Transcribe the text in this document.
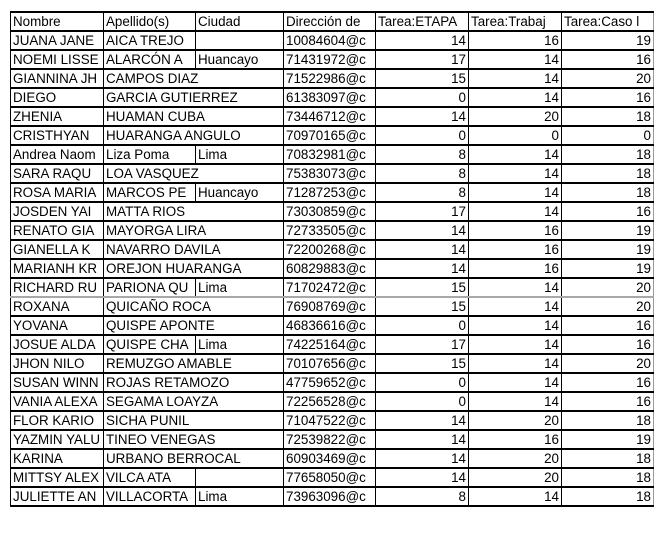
Nombre	Apellido(s)	Ciudad	Dirección de	Tarea:ETAPA	Tarea:Trabaj	Tarea:Caso l
JUANA JANE	AICA TREJO		10084604@c	14	16	19
NOEMI LISSE	ALARCÓN A	Huancayo	71431972@c	17	14	16
GIANNINA JH	CAMPOS DIAZ		71522986@c	15	14	20
DIEGO	GARCIA GUTIERREZ		61383097@c	0	14	16
ZHENIA	HUAMAN CUBA		73446712@c	14	20	18
CRISTHYAN	HUARANGA ANGULO		70970165@c	0	0	0
Andrea Naom	Liza Poma	Lima	70832981@c	8	14	18
SARA RAQU	LOA VASQUEZ		75383073@c	8	14	18
ROSA MARIA	MARCOS PE	Huancayo	71287253@c	8	14	18
JOSDEN YAI	MATTA RIOS		73030859@c	17	14	16
RENATO GIA	MAYORGA LIRA		72733505@c	14	16	19
GIANELLA K	NAVARRO DAVILA		72200268@c	14	16	19
MARIANH KR	OREJON HUARANGA		60829883@c	14	16	19
RICHARD RU	PARIONA QU	Lima	71702472@c	15	14	20
ROXANA	QUICAÑO ROCA		76908769@c	15	14	20
YOVANA	QUISPE APONTE		46836616@c	0	14	16
JOSUE ALDA	QUISPE CHA	Lima	74225164@c	17	14	16
JHON NILO	REMUZGO AMABLE		70107656@c	15	14	20
SUSAN WINN	ROJAS RETAMOZO		47759652@c	0	14	16
VANIA ALEXA	SEGAMA LOAYZA		72256528@c	0	14	16
FLOR KARIO	SICHA PUNIL		71047522@c	14	20	18
YAZMIN YALU	TINEO VENEGAS		72539822@c	14	16	19
KARINA	URBANO BERROCAL		60903469@c	14	20	18
MITTSY ALEX	VILCA ATA		77658050@c	14	20	18
JULIETTE AN	VILLACORTA	Lima	73963096@c	8	14	18
